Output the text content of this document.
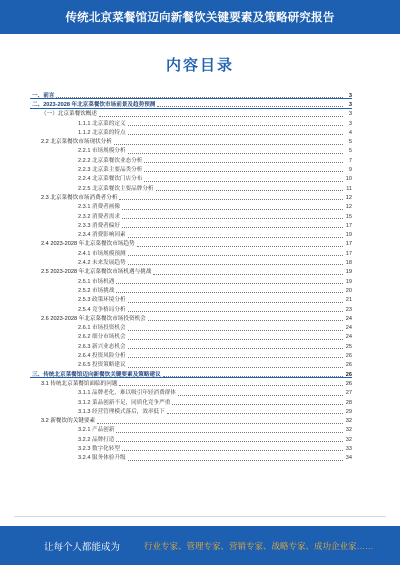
传统北京菜餐馆迈向新餐饮关键要素及策略研究报告
内容目录
一、前言	3
二、2023-2028 年北京菜餐饮市场前景及趋势预测	3
（一）北京菜餐饮概述	3
1.1.1 北京菜的定义	3
1.1.2 北京菜的特点	4
2.2 北京菜餐饮市场现状分析	5
2.2.1 市场规模分析	5
2.2.2 北京菜餐饮业态分析	7
2.2.3 北京菜主要品类分析	9
2.2.4 北京菜餐饮门店分布	10
2.2.5 北京菜餐饮主要品牌分析	11
2.3 北京菜餐饮市场消费者分析	12
2.3.1 消费者画像	12
2.3.2 消费者需求	15
2.3.3 消费者偏好	17
2.3.4 消费影响因素	19
2.4 2023-2028 年北京菜餐饮市场趋势	17
2.4.1 市场规模预测	17
2.4.2 未来发展趋势	18
2.5 2023-2028 年北京菜餐饮市场机遇与挑战	19
2.5.1 市场机遇	19
2.5.2 市场挑战	20
2.5.3 政策环境分析	21
2.5.4 竞争格局分析	23
2.6 2023-2028 年北京菜餐饮市场投资机会	24
2.6.1 市场投资机会	24
2.6.2 细分市场机会	24
2.6.3 新兴业态机会	25
2.6.4 投资风险分析	26
2.6.5 投资策略建议	26
三、传统北京菜餐馆迈向新餐饮关键要素及策略建议	26
3.1 传统北京菜餐馆面临的问题	26
3.1.1 品牌老化，难以吸引年轻消费群体	27
3.1.2 菜品创新不足，同质化竞争严重	28
3.1.3 经营管理模式落后，效率低下	29
3.2 新餐饮的关键要素	32
3.2.1 产品创新	32
3.2.2 品牌打造	32
3.2.3 数字化转型	33
3.2.4 服务体验升级	34
让每个人都能成为	行业专家、管理专家、营销专家、战略专家、成功企业家……
